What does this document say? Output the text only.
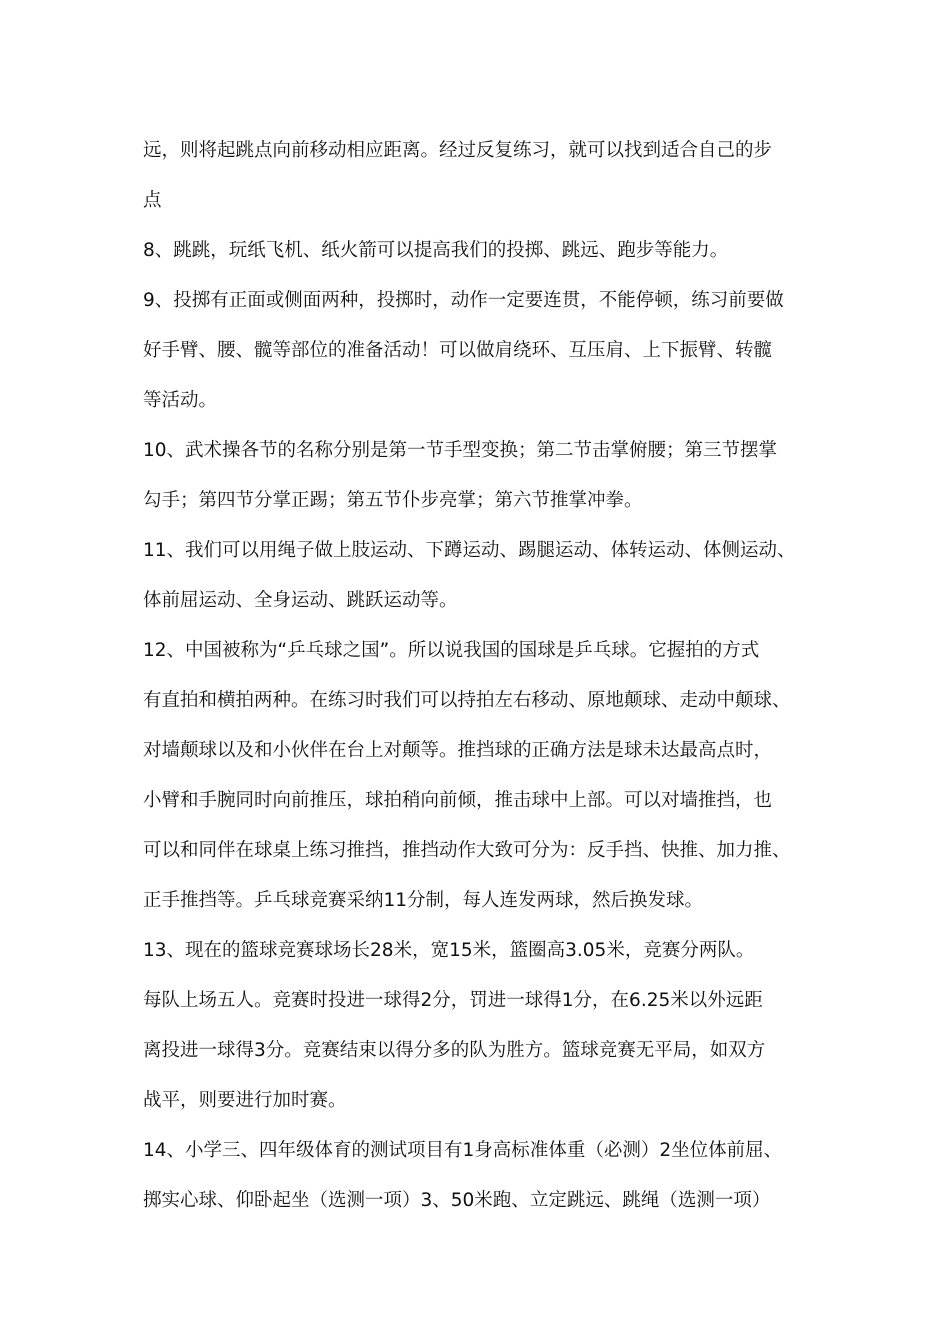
远，则将起跳点向前移动相应距离。经过反复练习，就可以找到适合自己的步
点
8、跳跳，玩纸飞机、纸火箭可以提高我们的投掷、跳远、跑步等能力。
9、投掷有正面或侧面两种，投掷时，动作一定要连贯，不能停顿，练习前要做
好手臂、腰、髋等部位的准备活动！可以做肩绕环、互压肩、上下振臂、转髋
等活动。
10、武术操各节的名称分别是第一节手型变换；第二节击掌俯腰；第三节摆掌
勾手；第四节分掌正踢；第五节仆步亮掌；第六节推掌冲拳。
11、我们可以用绳子做上肢运动、下蹲运动、踢腿运动、体转运动、体侧运动、
体前屈运动、全身运动、跳跃运动等。
12、中国被称为“乒乓球之国”。所以说我国的国球是乒乓球。它握拍的方式
有直拍和横拍两种。在练习时我们可以持拍左右移动、原地颠球、走动中颠球、
对墙颠球以及和小伙伴在台上对颠等。推挡球的正确方法是球未达最高点时，
小臂和手腕同时向前推压，球拍稍向前倾，推击球中上部。可以对墙推挡，也
可以和同伴在球桌上练习推挡，推挡动作大致可分为：反手挡、快推、加力推、
正手推挡等。乒乓球竞赛采纳11分制，每人连发两球，然后换发球。
13、现在的篮球竞赛球场长28米，宽15米，篮圈高3.05米，竞赛分两队。
每队上场五人。竞赛时投进一球得2分，罚进一球得1分，在6.25米以外远距
离投进一球得3分。竞赛结束以得分多的队为胜方。篮球竞赛无平局，如双方
战平，则要进行加时赛。
14、小学三、四年级体育的测试项目有1身高标准体重（必测）2坐位体前屈、
掷实心球、仰卧起坐（选测一项）3、50米跑、立定跳远、跳绳（选测一项）
